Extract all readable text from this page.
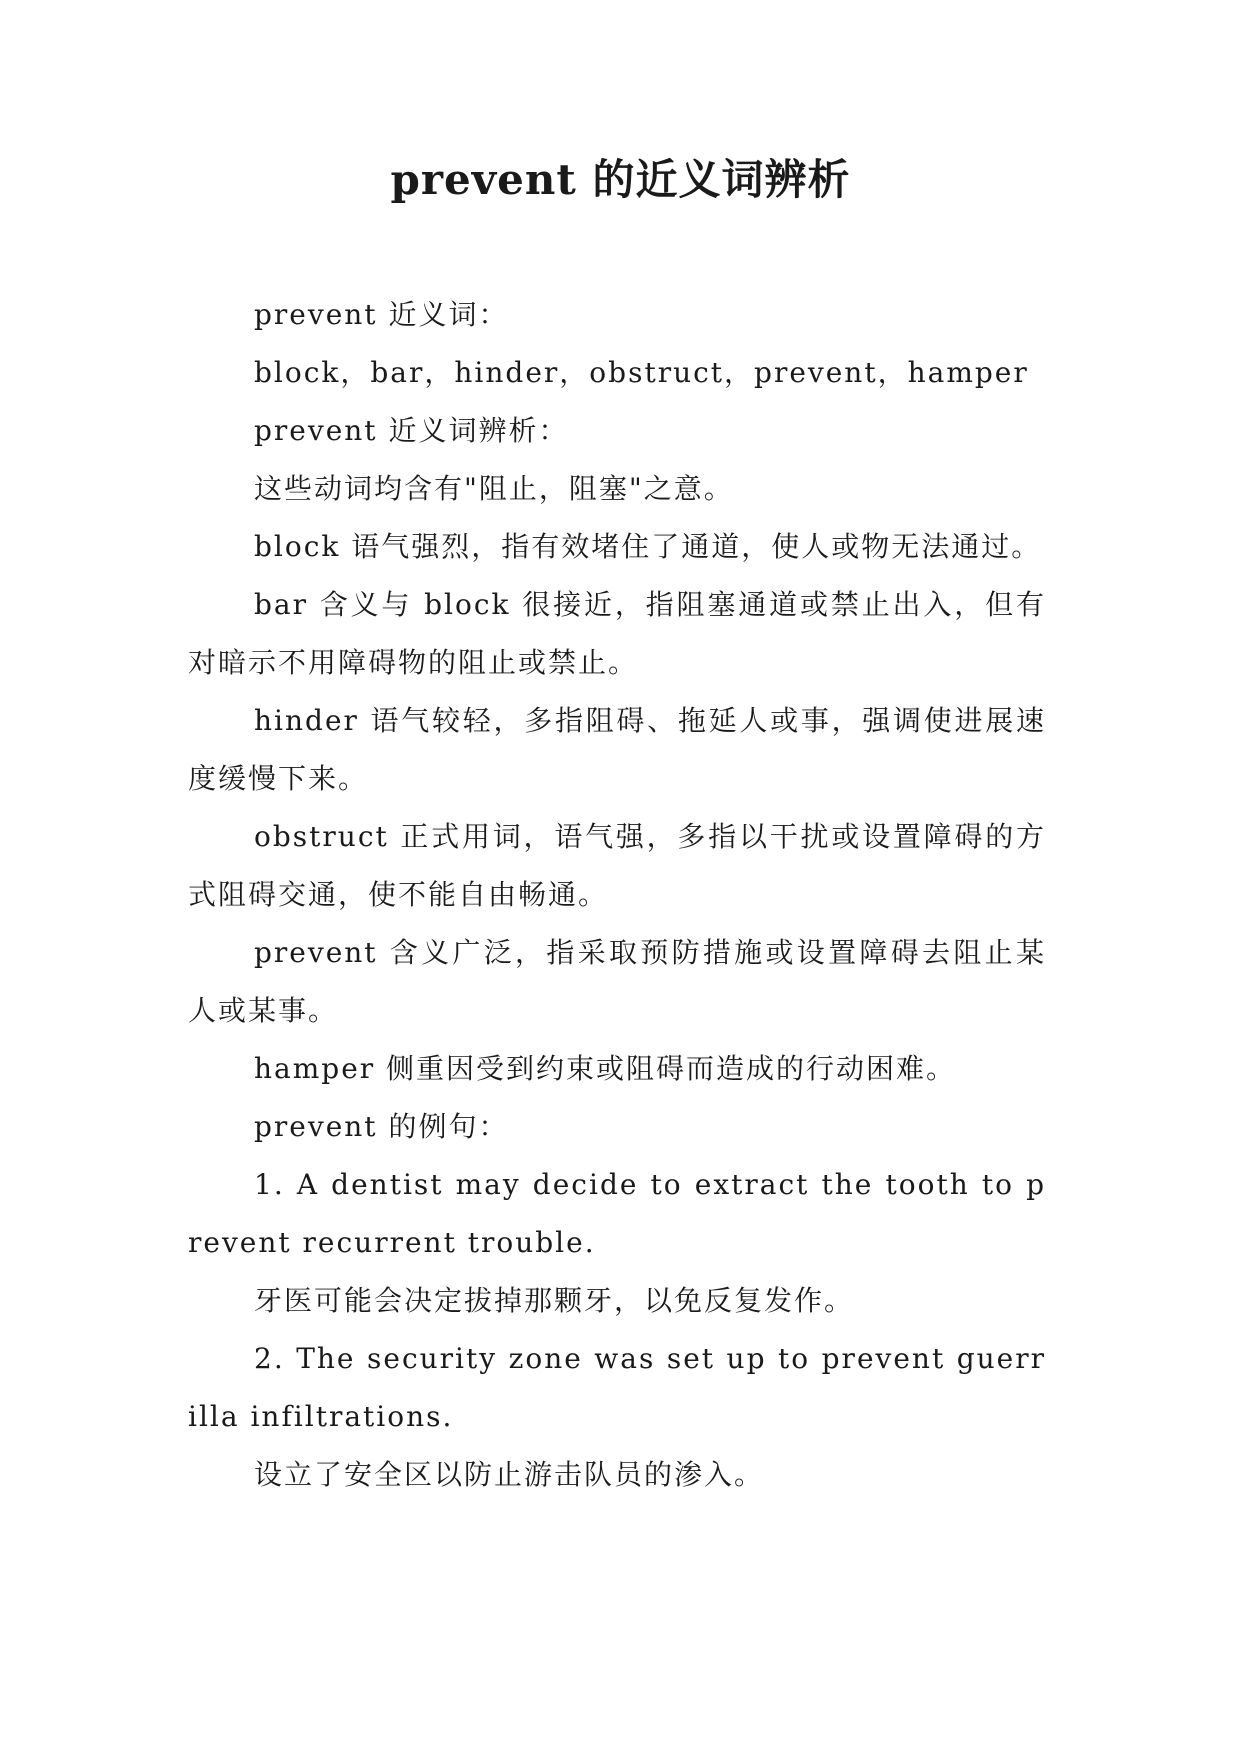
prevent 的近义词辨析

prevent 近义词：

block，bar，hinder，obstruct，prevent，hamper

prevent 近义词辨析：

这些动词均含有"阻止，阻塞"之意。

block 语气强烈，指有效堵住了通道，使人或物无法通过。

bar 含义与 block 很接近，指阻塞通道或禁止出入，但有对暗示不用障碍物的阻止或禁止。

hinder 语气较轻，多指阻碍、拖延人或事，强调使进展速度缓慢下来。

obstruct 正式用词，语气强，多指以干扰或设置障碍的方式阻碍交通，使不能自由畅通。

prevent 含义广泛，指采取预防措施或设置障碍去阻止某人或某事。

hamper 侧重因受到约束或阻碍而造成的行动困难。

prevent 的例句：

1. A dentist may decide to extract the tooth to prevent recurrent trouble.

牙医可能会决定拔掉那颗牙，以免反复发作。

2. The security zone was set up to prevent guerrilla infiltrations.

设立了安全区以防止游击队员的渗入。
